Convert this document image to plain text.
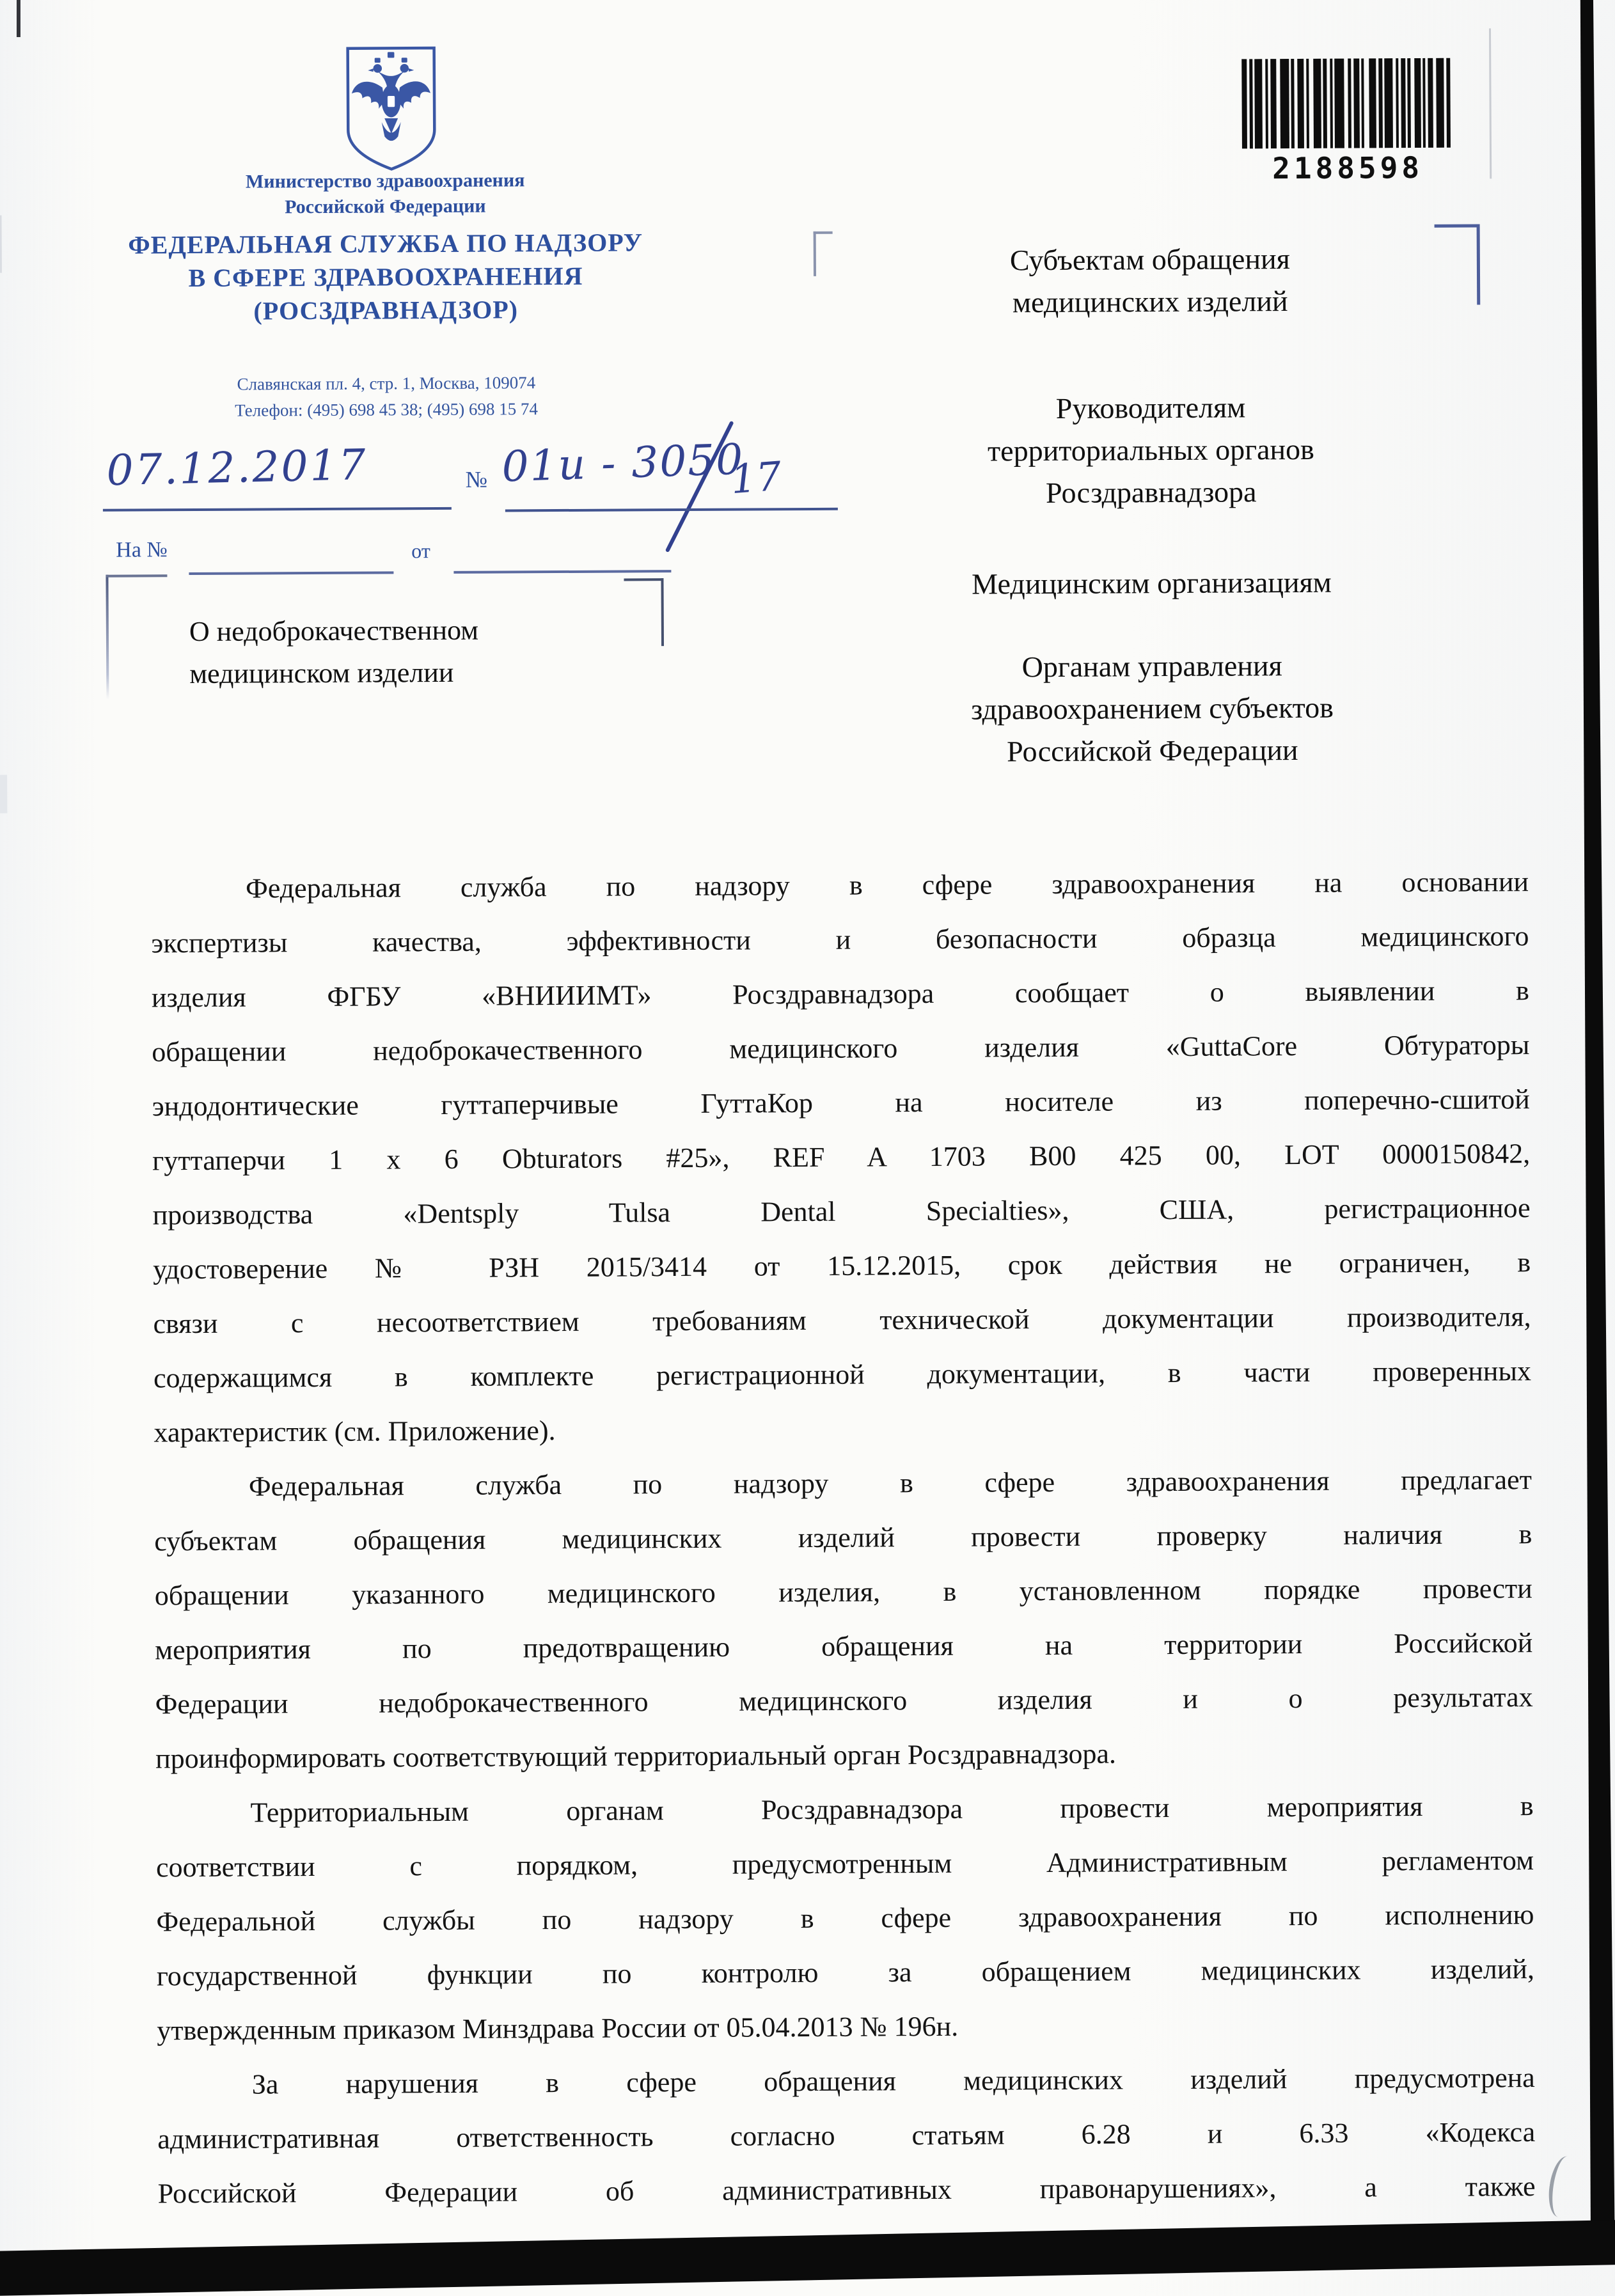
Министерство здравоохранения
Российской Федерации
ФЕДЕРАЛЬНАЯ СЛУЖБА ПО НАДЗОРУ
В СФЕРЕ ЗДРАВООХРАНЕНИЯ
(РОСЗДРАВНАДЗОР)
Славянская пл. 4, стр. 1, Москва, 109074
Телефон: (495) 698 45 38; (495) 698 15 74
2188598
07.12.2017	№ 01и - 3050
17
На №	от
Субъектам обращения
медицинских изделий
Руководителям
территориальных органов
Росздравнадзора
Медицинским организациям
Органам управления
здравоохранением субъектов
Российской Федерации
О недоброкачественном
медицинском изделии
Федеральная служба по надзору в сфере здравоохранения на основании
экспертизы качества, эффективности и безопасности образца медицинского
изделия ФГБУ «ВНИИИМТ» Росздравнадзора сообщает о выявлении в
обращении недоброкачественного медицинского изделия «GuttaCore Обтураторы
эндодонтические гуттаперчивые ГуттаКор на носителе из поперечно-сшитой
гуттаперчи 1 х 6 Obturators #25», REF A 1703 B00 425 00, LOT 0000150842,
производства «Dentsply Tulsa Dental Specialties», США, регистрационное
удостоверение № РЗН 2015/3414 от 15.12.2015, срок действия не ограничен, в
связи с несоответствием требованиям технической документации производителя,
содержащимся в комплекте регистрационной документации, в части проверенных
характеристик (см. Приложение).
Федеральная служба по надзору в сфере здравоохранения предлагает
субъектам обращения медицинских изделий провести проверку наличия в
обращении указанного медицинского изделия, в установленном порядке провести
мероприятия по предотвращению обращения на территории Российской
Федерации недоброкачественного медицинского изделия и о результатах
проинформировать соответствующий территориальный орган Росздравнадзора.
Территориальным органам Росздравнадзора провести мероприятия в
соответствии с порядком, предусмотренным Административным регламентом
Федеральной службы по надзору в сфере здравоохранения по исполнению
государственной функции по контролю за обращением медицинских изделий,
утвержденным приказом Минздрава России от 05.04.2013 № 196н.
За нарушения в сфере обращения медицинских изделий предусмотрена
административная ответственность согласно статьям 6.28 и 6.33 «Кодекса
Российской Федерации об административных правонарушениях», а также
